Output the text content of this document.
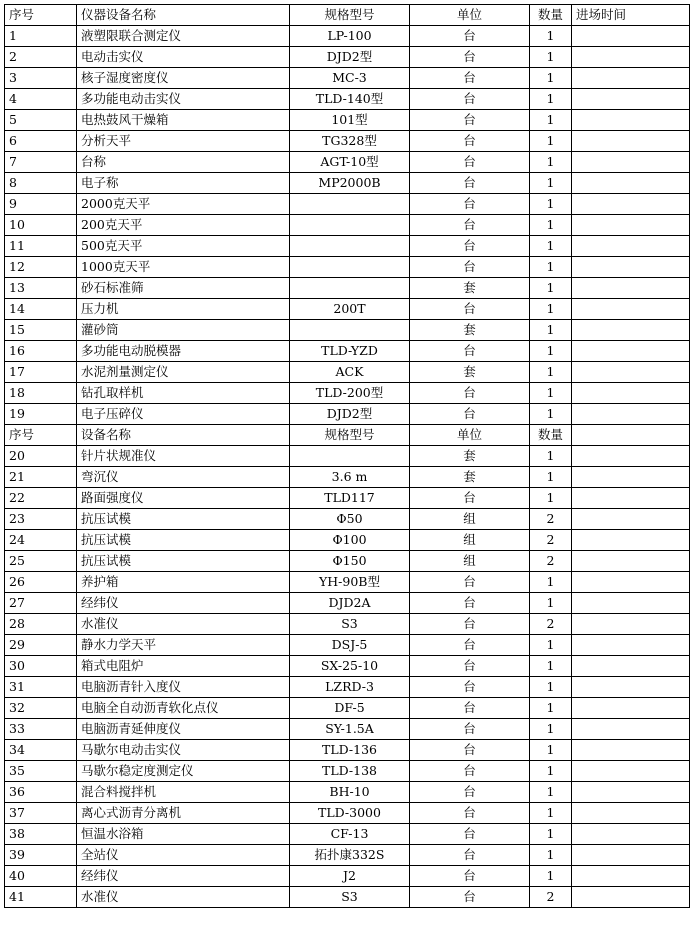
序号	仪器设备名称	规格型号	单位	数量	进场时间
1	液塑限联合测定仪	LP-100	台	1	
2	电动击实仪	DJD2型	台	1	
3	核子湿度密度仪	MC-3	台	1	
4	多功能电动击实仪	TLD-140型	台	1	
5	电热鼓风干燥箱	101型	台	1	
6	分析天平	TG328型	台	1	
7	台称	AGT-10型	台	1	
8	电子称	MP2000B	台	1	
9	2000克天平		台	1	
10	200克天平		台	1	
11	500克天平		台	1	
12	1000克天平		台	1	
13	砂石标准筛		套	1	
14	压力机	200T	台	1	
15	灌砂筒		套	1	
16	多功能电动脱模器	TLD-YZD	台	1	
17	水泥剂量测定仪	ACK	套	1	
18	钻孔取样机	TLD-200型	台	1	
19	电子压碎仪	DJD2型	台	1	
序号	设备名称	规格型号	单位	数量	
20	针片状规准仪		套	1	
21	弯沉仪	3.6 m	套	1	
22	路面强度仪	TLD117	台	1	
23	抗压试模	Φ50	组	2	
24	抗压试模	Φ100	组	2	
25	抗压试模	Φ150	组	2	
26	养护箱	YH-90B型	台	1	
27	经纬仪	DJD2A	台	1	
28	水准仪	S3	台	2	
29	静水力学天平	DSJ-5	台	1	
30	箱式电阻炉	SX-25-10	台	1	
31	电脑沥青针入度仪	LZRD-3	台	1	
32	电脑全自动沥青软化点仪	DF-5	台	1	
33	电脑沥青延伸度仪	SY-1.5A	台	1	
34	马歇尔电动击实仪	TLD-136	台	1	
35	马歇尔稳定度测定仪	TLD-138	台	1	
36	混合料搅拌机	BH-10	台	1	
37	离心式沥青分离机	TLD-3000	台	1	
38	恒温水浴箱	CF-13	台	1	
39	全站仪	拓扑康332S	台	1	
40	经纬仪	J2	台	1	
41	水准仪	S3	台	2	
